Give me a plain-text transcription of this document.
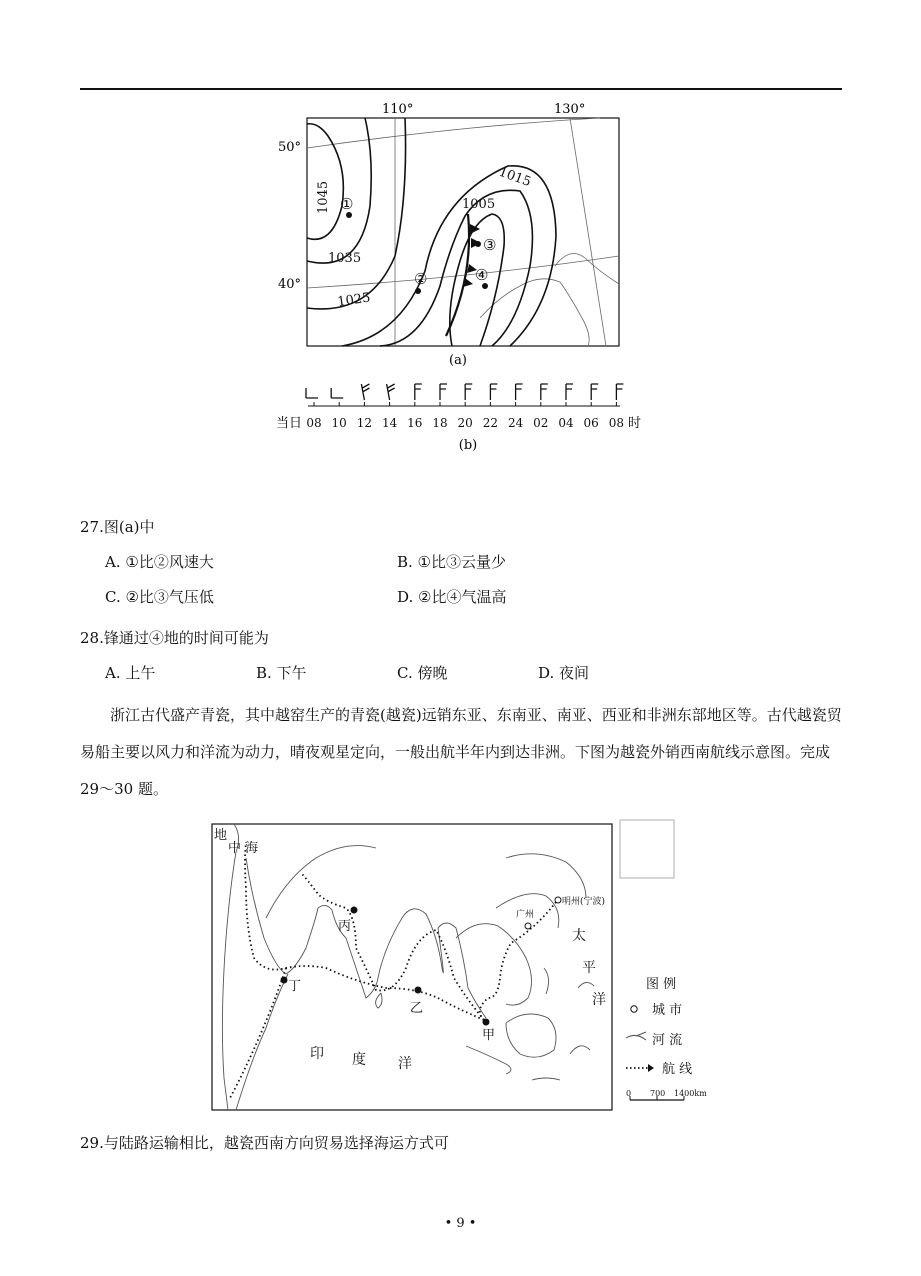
110°	130°
50°
40°
1045
1035
1025
1015
1005
①
②
③
④
(a)
当日 08 10 12 14 16 18 20 22 24 02 04 06 08 时
(b)
27.图(a)中
A. ①比②风速大	B. ①比③云量少
C. ②比③气压低	D. ②比④气温高
28.锋通过④地的时间可能为
A. 上午	B. 下午	C. 傍晚	D. 夜间
浙江古代盛产青瓷，其中越窑生产的青瓷(越瓷)远销东亚、东南亚、南亚、西亚和非洲东部地区等。古代越瓷贸易船主要以风力和洋流为动力，晴夜观星定向，一般出航半年内到达非洲。下图为越瓷外销西南航线示意图。完成 29～30 题。
地
中 海
丙
丁
乙
甲
广州
明州(宁波)
太
平
洋
印 度 洋
图 例
城 市
河 流
航 线
0 700 1400km
29.与陆路运输相比，越瓷西南方向贸易选择海运方式可
• 9 •
